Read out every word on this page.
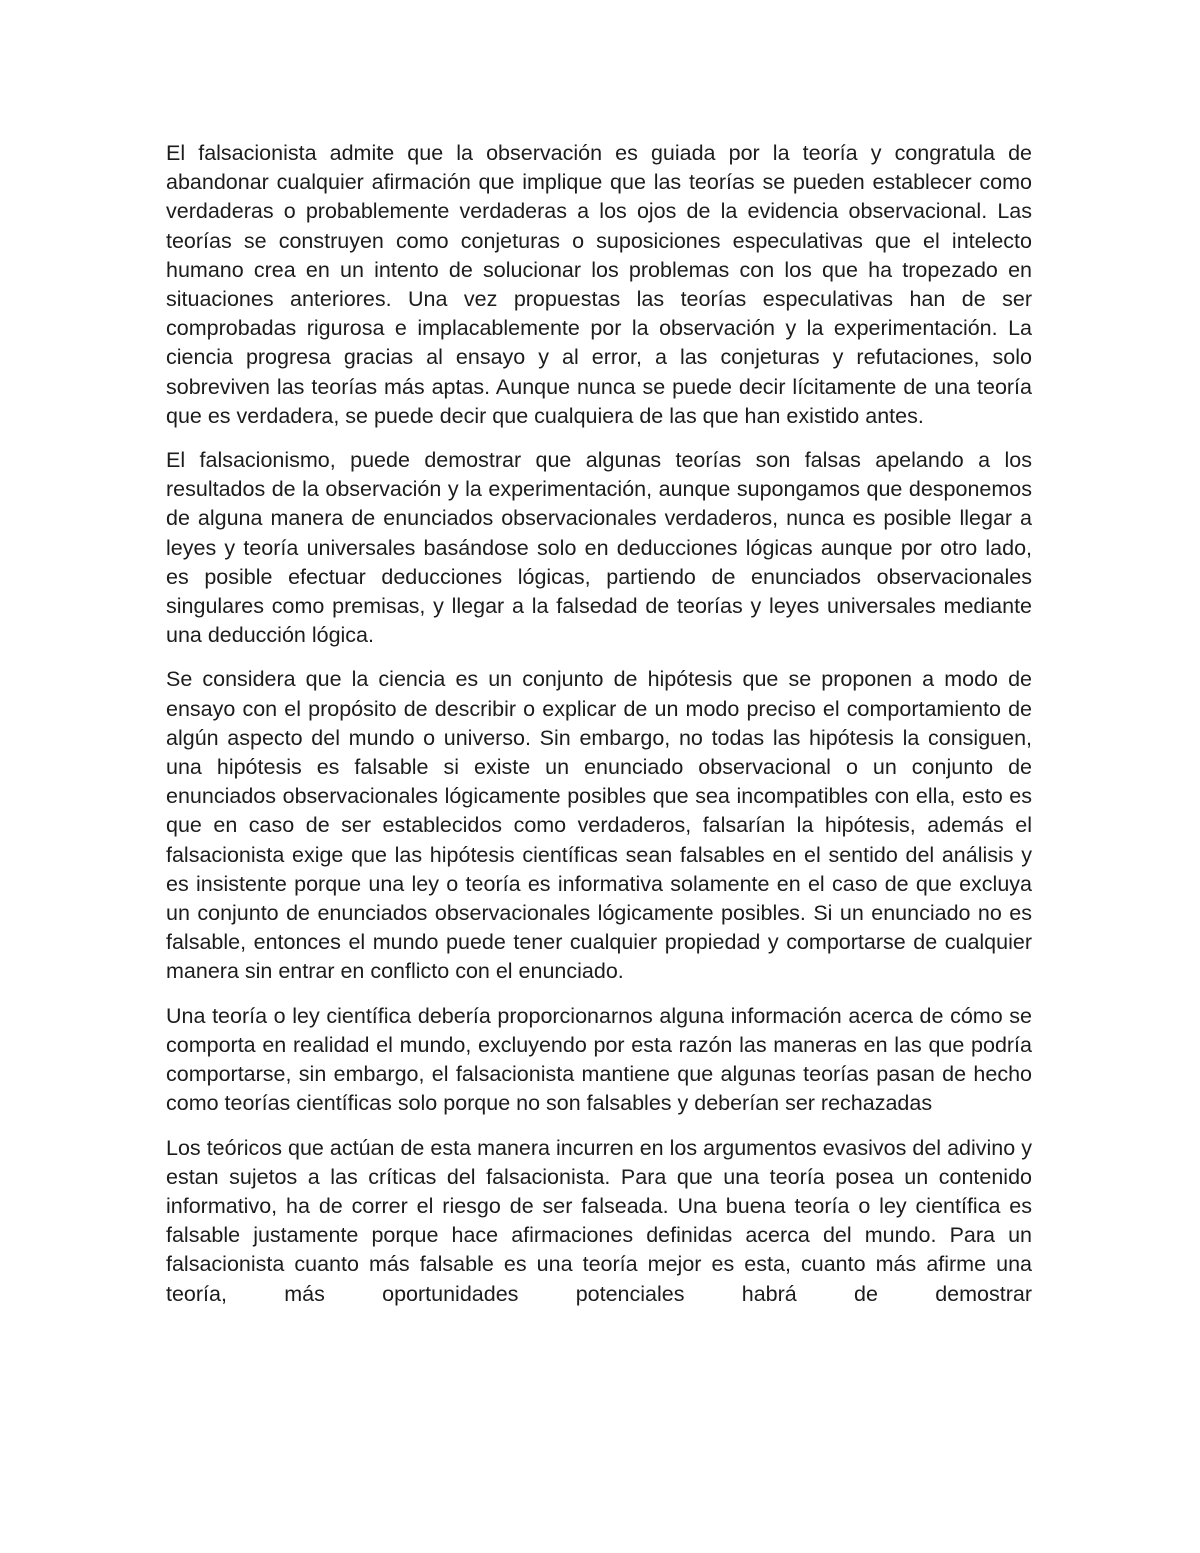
El falsacionista admite que la observación es guiada por la teoría y congratula de abandonar cualquier afirmación que implique que las teorías se pueden establecer como verdaderas o probablemente verdaderas a los ojos de la evidencia observacional. Las teorías se construyen como conjeturas o suposiciones especulativas que el intelecto humano crea en un intento de solucionar los problemas con los que ha tropezado en situaciones anteriores. Una vez propuestas las teorías especulativas han de ser comprobadas rigurosa e implacablemente por la observación y la experimentación. La ciencia progresa gracias al ensayo y al error, a las conjeturas y refutaciones, solo sobreviven las teorías más aptas. Aunque nunca se puede decir lícitamente de una teoría que es verdadera, se puede decir que cualquiera de las que han existido antes.

El falsacionismo, puede demostrar que algunas teorías son falsas apelando a los resultados de la observación y la experimentación, aunque supongamos que desponemos de alguna manera de enunciados observacionales verdaderos, nunca es posible llegar a leyes y teoría universales basándose solo en deducciones lógicas aunque por otro lado, es posible efectuar deducciones lógicas, partiendo de enunciados observacionales singulares como premisas, y llegar a la falsedad de teorías y leyes universales mediante una deducción lógica.

Se considera que la ciencia es un conjunto de hipótesis que se proponen a modo de ensayo con el propósito de describir o explicar de un modo preciso el comportamiento de algún aspecto del mundo o universo. Sin embargo, no todas las hipótesis la consiguen, una hipótesis es falsable si existe un enunciado observacional o un conjunto de enunciados observacionales lógicamente posibles que sea incompatibles con ella, esto es que en caso de ser establecidos como verdaderos, falsarían la hipótesis, además el falsacionista exige que las hipótesis científicas sean falsables en el sentido del análisis y es insistente porque una ley o teoría es informativa solamente en el caso de que excluya un conjunto de enunciados observacionales lógicamente posibles. Si un enunciado no es falsable, entonces el mundo puede tener cualquier propiedad y comportarse de cualquier manera sin entrar en conflicto con el enunciado.

Una teoría o ley científica debería proporcionarnos alguna información acerca de cómo se comporta en realidad el mundo, excluyendo por esta razón las maneras en las que podría comportarse, sin embargo, el falsacionista mantiene que algunas teorías pasan de hecho como teorías científicas solo porque no son falsables y deberían ser rechazadas

Los teóricos que actúan de esta manera incurren en los argumentos evasivos del adivino y estan sujetos a las críticas del falsacionista. Para que una teoría posea un contenido informativo, ha de correr el riesgo de ser falseada. Una buena teoría o ley científica es falsable justamente porque hace afirmaciones definidas acerca del mundo. Para un falsacionista cuanto más falsable es una teoría mejor es esta, cuanto más afirme una teoría, más oportunidades potenciales habrá de demostrar
